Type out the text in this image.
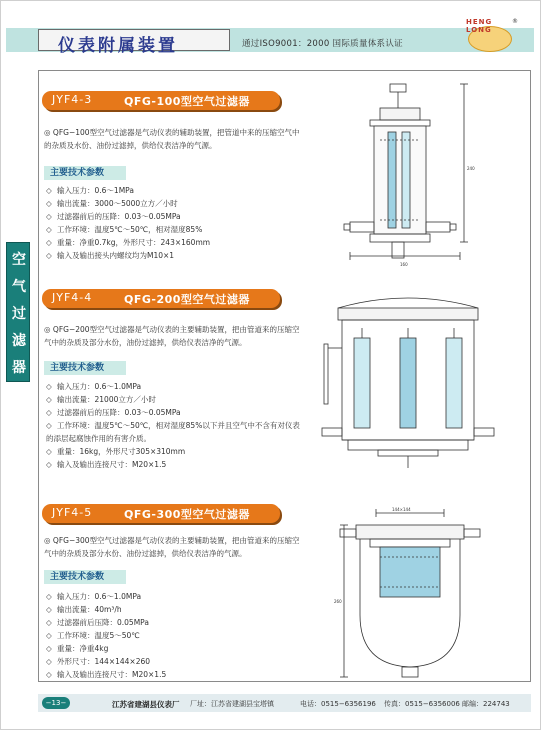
仪表附属装置	通过ISO9001：2000 国际质量体系认证
HENG LONG
®
空
气
过
滤
器
JYF4-3	QFG-100型空气过滤器
◎ QFG−100型空气过滤器是气动仪表的辅助装置，把管道中来的压缩空气中的杂质及水份、油份过滤掉，供给仪表洁净的气源。
主要技术参数
◇ 输入压力：0.6～1MPa
◇ 输出流量：3000～5000立方／小时
◇ 过滤器前后的压降：0.03～0.05MPa
◇ 工作环境：温度5℃～50℃，相对湿度85%
◇ 重量：净重0.7kg，外形尺寸：243×160mm
◇ 输入及输出接头内螺纹均为M10×1
240
160
JYF4-4	QFG-200型空气过滤器
◎ QFG−200型空气过滤器是气动仪表的主要辅助装置，把由管道来的压缩空气中的杂质及部分水份，油份过滤掉，供给仪表洁净的气源。
主要技术参数
◇ 输入压力：0.6～1.0MPa
◇ 输出流量：21000立方／小时
◇ 过滤器前后的压降：0.03～0.05MPa
◇ 工作环境：温度5℃～50℃，相对湿度85%以下并且空气中不含有对仪表的添层起腐蚀作用的有害介质。
◇ 重量：16kg，外形尺寸305×310mm
◇ 输入及输出连接尺寸：M20×1.5
JYF4-5	QFG-300型空气过滤器
◎ QFG−300型空气过滤器是气动仪表的主要辅助装置，把由管道来的压缩空气中的杂质及部分水份、油份过滤掉，供给仪表洁净的气源。
主要技术参数
◇ 输入压力：0.6～1.0MPa
◇ 输出流量：40m³/h
◇ 过滤器前后压降：0.05MPa
◇ 工作环境：温度5～50℃
◇ 重量：净重4kg
◇ 外形尺寸：144×144×260
◇ 输入及输出连接尺寸：M20×1.5
144×144
260
−13−	江苏省建湖县仪表厂 厂址：江苏省建湖县宝塔镇	电话：0515−6356196 传真：0515−6356006 邮编：224743
